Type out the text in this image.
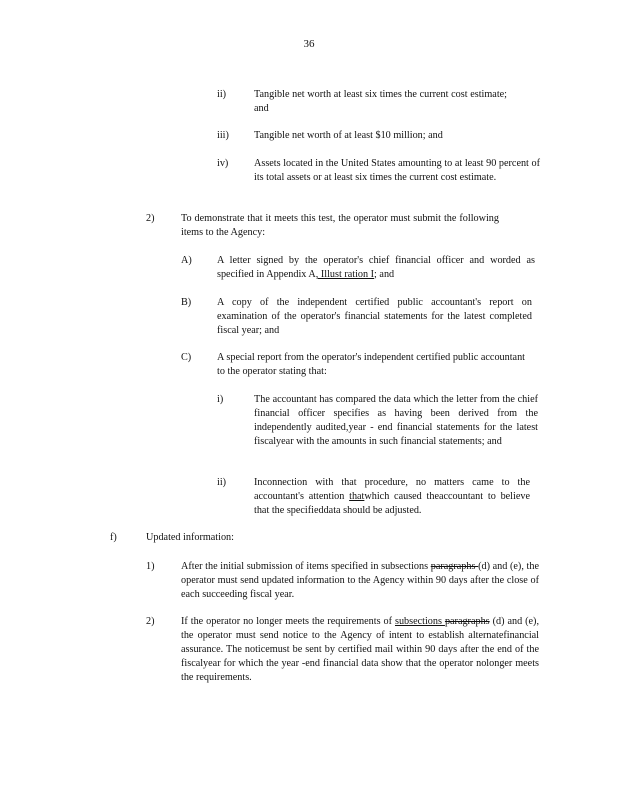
36
ii)	Tangible net worth at least six times the current cost estimate; and
iii) Tangible net worth of at least $10 million; and
iv)	Assets located in the United States amounting to at least 90 percent of its total assets or at least six times the current cost estimate.
2)	To demonstrate that it meets this test, the operator must submit the following items to the Agency:
A) A letter signed by the operator's chief financial officer and worded as specified in Appendix A, Illust ration I; and
B)	A copy of the independent certified public accountant's report on examination of the operator's financial statements for the latest completed fiscal year; and
C)	A special report from the operator's independent certified public accountant to the operator stating that:
i)	The accountant has compared the data which the letter from the chief financial officer specifies as having been derived from the independently audited,year - end financial statements for the latest fiscalyear with the amounts in such financial statements; and
ii)	Inconnection with that procedure, no matters came to the accountant's attention thatwhich caused theaccountant to believe that the specifieddata should be adjusted.
f)	Updated information:
1)	After the initial submission of items specified in subsections paragraphs (d) and (e), the operator must send updated information to the Agency within 90 days after the close of each succeeding fiscal year.
2)	If the operator no longer meets the requirements of subsections paragraphs (d) and (e), the operator must send notice to the Agency of intent to establish alternatefinancial assurance. The noticemust be sent by certified mail within 90 days after the end of the fiscalyear for which the year -end financial data show that the operator nolonger meets the requirements.
